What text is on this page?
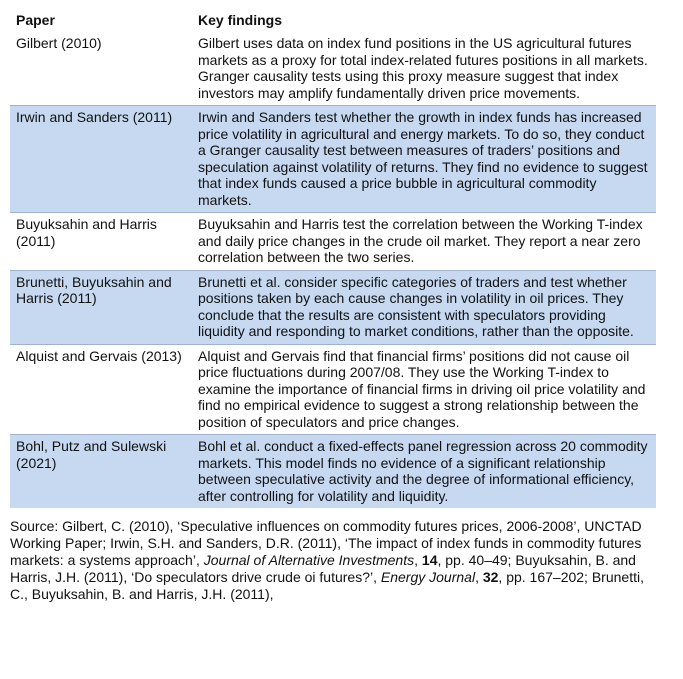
Paper	Key findings
Gilbert (2010)	Gilbert uses data on index fund positions in the US agricultural futures markets as a proxy for total index-related futures positions in all markets. Granger causality tests using this proxy measure suggest that index investors may amplify fundamentally driven price movements.
Irwin and Sanders (2011)	Irwin and Sanders test whether the growth in index funds has increased price volatility in agricultural and energy markets. To do so, they conduct a Granger causality test between measures of traders’ positions and speculation against volatility of returns. They find no evidence to suggest that index funds caused a price bubble in agricultural commodity markets.
Buyuksahin and Harris (2011)	Buyuksahin and Harris test the correlation between the Working T-index and daily price changes in the crude oil market. They report a near zero correlation between the two series.
Brunetti, Buyuksahin and Harris (2011)	Brunetti et al. consider specific categories of traders and test whether positions taken by each cause changes in volatility in oil prices. They conclude that the results are consistent with speculators providing liquidity and responding to market conditions, rather than the opposite.
Alquist and Gervais (2013)	Alquist and Gervais find that financial firms’ positions did not cause oil price fluctuations during 2007/08. They use the Working T-index to examine the importance of financial firms in driving oil price volatility and find no empirical evidence to suggest a strong relationship between the position of speculators and price changes.
Bohl, Putz and Sulewski (2021)	Bohl et al. conduct a fixed-effects panel regression across 20 commodity markets. This model finds no evidence of a significant relationship between speculative activity and the degree of informational efficiency, after controlling for volatility and liquidity.

Source: Gilbert, C. (2010), ‘Speculative influences on commodity futures prices, 2006-2008’, UNCTAD Working Paper; Irwin, S.H. and Sanders, D.R. (2011), ‘The impact of index funds in commodity futures markets: a systems approach’, Journal of Alternative Investments, 14, pp. 40–49; Buyuksahin, B. and Harris, J.H. (2011), ‘Do speculators drive crude oi futures?’, Energy Journal, 32, pp. 167–202; Brunetti, C., Buyuksahin, B. and Harris, J.H. (2011),
